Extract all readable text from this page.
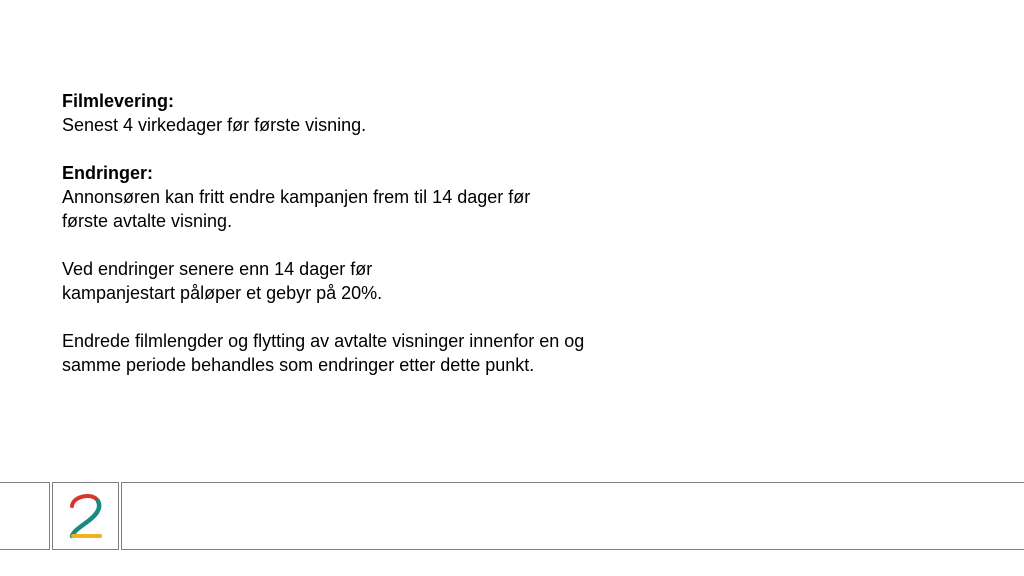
Filmlevering:

Senest 4 virkedager før første visning.

Endringer:

Annonsøren kan fritt endre kampanjen frem til 14 dager før

første avtalte visning.

Ved endringer senere enn 14 dager før

kampanjestart påløper et gebyr på 20%.

Endrede filmlengder og flytting av avtalte visninger innenfor en og

samme periode behandles som endringer etter dette punkt.
